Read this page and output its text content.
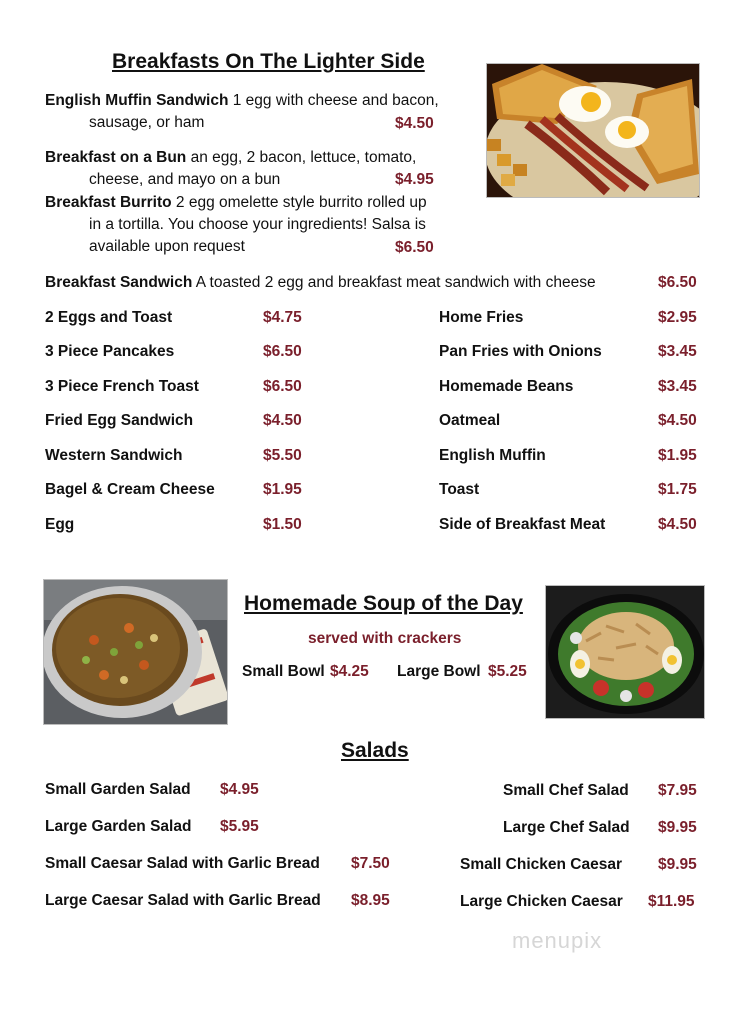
Breakfasts On The Lighter Side
English Muffin Sandwich 1 egg with cheese and bacon,
sausage, or ham	$4.50
Breakfast on a Bun an egg, 2 bacon, lettuce, tomato,
cheese, and mayo on a bun	$4.95
Breakfast Burrito 2 egg omelette style burrito rolled up
in a tortilla. You choose your ingredients! Salsa is
available upon request	$6.50
Breakfast Sandwich A toasted 2 egg and breakfast meat sandwich with cheese	$6.50
2 Eggs and Toast	$4.75
3 Piece Pancakes	$6.50
3 Piece French Toast	$6.50
Fried Egg Sandwich	$4.50
Western Sandwich	$5.50
Bagel & Cream Cheese	$1.95
Egg	$1.50
Home Fries	$2.95
Pan Fries with Onions	$3.45
Homemade Beans	$3.45
Oatmeal	$4.50
English Muffin	$1.95
Toast	$1.75
Side of Breakfast Meat	$4.50
Homemade Soup of the Day
served with crackers
Small Bowl $4.25 Large Bowl $5.25
Salads
Small Garden Salad $4.95
Large Garden Salad $5.95
Small Caesar Salad with Garlic Bread $7.50
Large Caesar Salad with Garlic Bread $8.95
Small Chef Salad $7.95
Large Chef Salad $9.95
Small Chicken Caesar $9.95
Large Chicken Caesar $11.95
menupix
